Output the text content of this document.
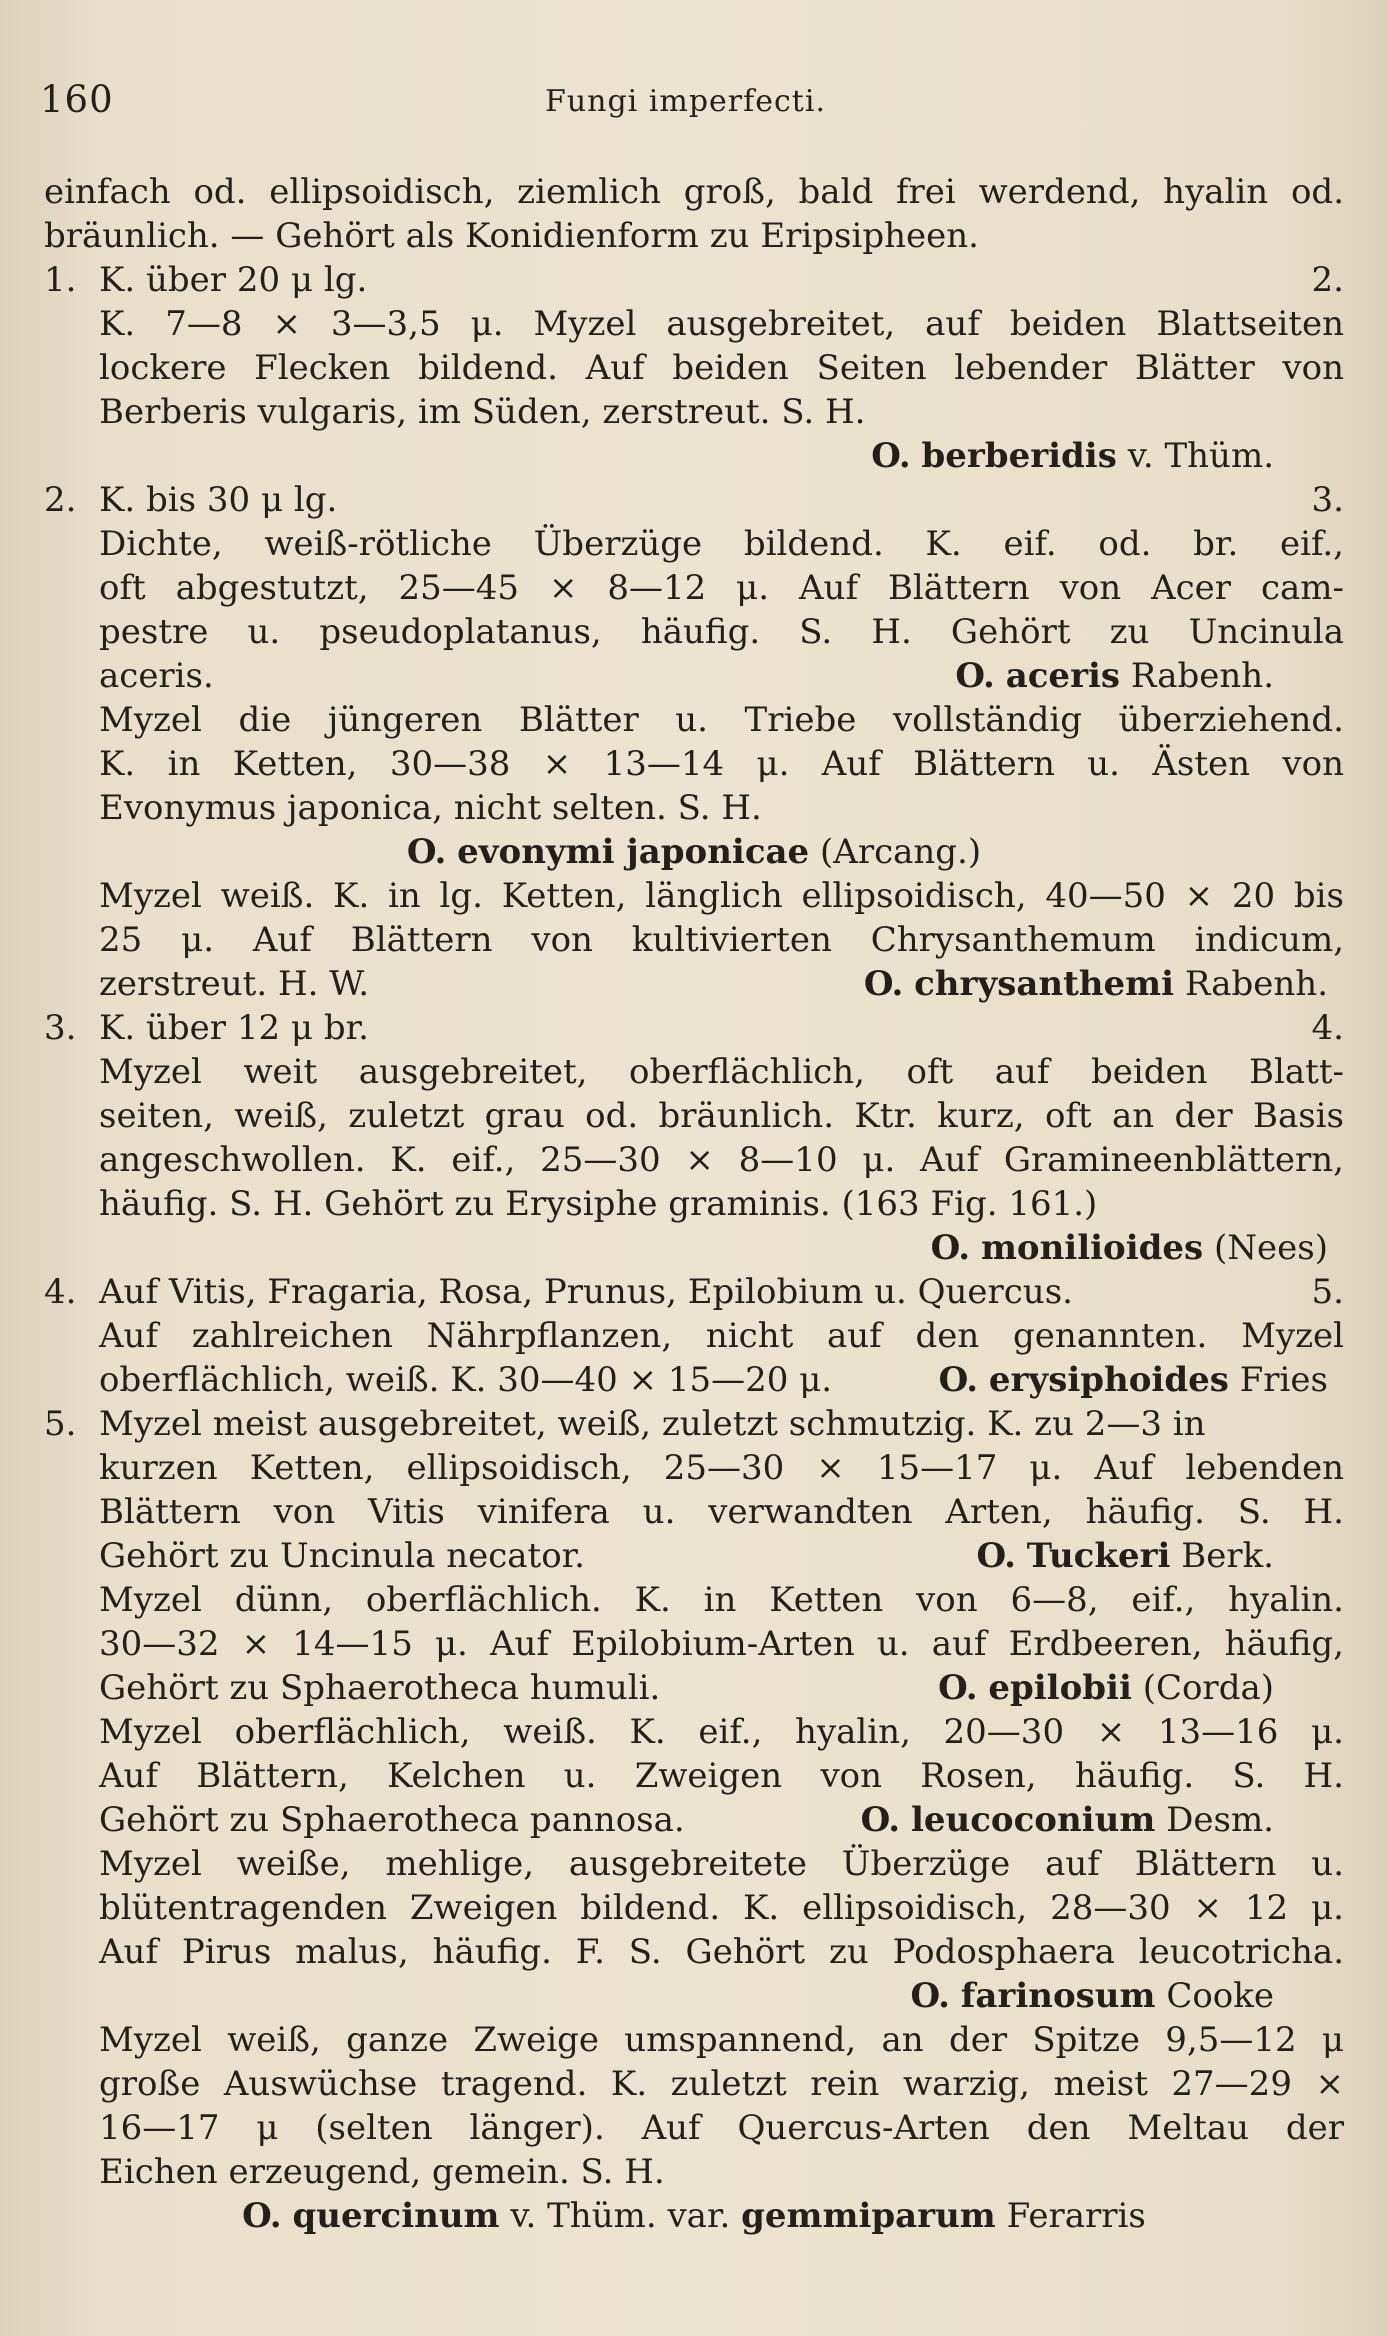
160	Fungi imperfecti.
einfach od. ellipsoidisch, ziemlich groß, bald frei werdend, hyalin od.
bräunlich. — Gehört als Konidienform zu Eripsipheen.
1. K. über 20 μ lg.	2.
K. 7—8 × 3—3,5 μ. Myzel ausgebreitet, auf beiden Blattseiten
lockere Flecken bildend. Auf beiden Seiten lebender Blätter von
Berberis vulgaris, im Süden, zerstreut. S. H.
O. berberidis v. Thüm.
2. K. bis 30 μ lg.	3.
Dichte, weiß-rötliche Überzüge bildend. K. eif. od. br. eif.,
oft abgestutzt, 25—45 × 8—12 μ. Auf Blättern von Acer cam-
pestre u. pseudoplatanus, häufig. S. H. Gehört zu Uncinula
aceris.	O. aceris Rabenh.
Myzel die jüngeren Blätter u. Triebe vollständig überziehend.
K. in Ketten, 30—38 × 13—14 μ. Auf Blättern u. Ästen von
Evonymus japonica, nicht selten. S. H.
O. evonymi japonicae (Arcang.)
Myzel weiß. K. in lg. Ketten, länglich ellipsoidisch, 40—50 × 20 bis
25 μ. Auf Blättern von kultivierten Chrysanthemum indicum,
zerstreut. H. W.	O. chrysanthemi Rabenh.
3. K. über 12 μ br.	4.
Myzel weit ausgebreitet, oberflächlich, oft auf beiden Blatt-
seiten, weiß, zuletzt grau od. bräunlich. Ktr. kurz, oft an der Basis
angeschwollen. K. eif., 25—30 × 8—10 μ. Auf Gramineenblättern,
häufig. S. H. Gehört zu Erysiphe graminis. (163 Fig. 161.)
O. monilioides (Nees)
4. Auf Vitis, Fragaria, Rosa, Prunus, Epilobium u. Quercus.	5.
Auf zahlreichen Nährpflanzen, nicht auf den genannten. Myzel
oberflächlich, weiß. K. 30—40 × 15—20 μ.	O. erysiphoides Fries
5. Myzel meist ausgebreitet, weiß, zuletzt schmutzig. K. zu 2—3 in
kurzen Ketten, ellipsoidisch, 25—30 × 15—17 μ. Auf lebenden
Blättern von Vitis vinifera u. verwandten Arten, häufig. S. H.
Gehört zu Uncinula necator.	O. Tuckeri Berk.
Myzel dünn, oberflächlich. K. in Ketten von 6—8, eif., hyalin.
30—32 × 14—15 μ. Auf Epilobium-Arten u. auf Erdbeeren, häufig,
Gehört zu Sphaerotheca humuli.	O. epilobii (Corda)
Myzel oberflächlich, weiß. K. eif., hyalin, 20—30 × 13—16 μ.
Auf Blättern, Kelchen u. Zweigen von Rosen, häufig. S. H.
Gehört zu Sphaerotheca pannosa.	O. leucoconium Desm.
Myzel weiße, mehlige, ausgebreitete Überzüge auf Blättern u.
blütentragenden Zweigen bildend. K. ellipsoidisch, 28—30 × 12 μ.
Auf Pirus malus, häufig. F. S. Gehört zu Podosphaera leucotricha.
O. farinosum Cooke
Myzel weiß, ganze Zweige umspannend, an der Spitze 9,5—12 μ
große Auswüchse tragend. K. zuletzt rein warzig, meist 27—29 ×
16—17 μ (selten länger). Auf Quercus-Arten den Meltau der
Eichen erzeugend, gemein. S. H.
O. quercinum v. Thüm. var. gemmiparum Ferarris
